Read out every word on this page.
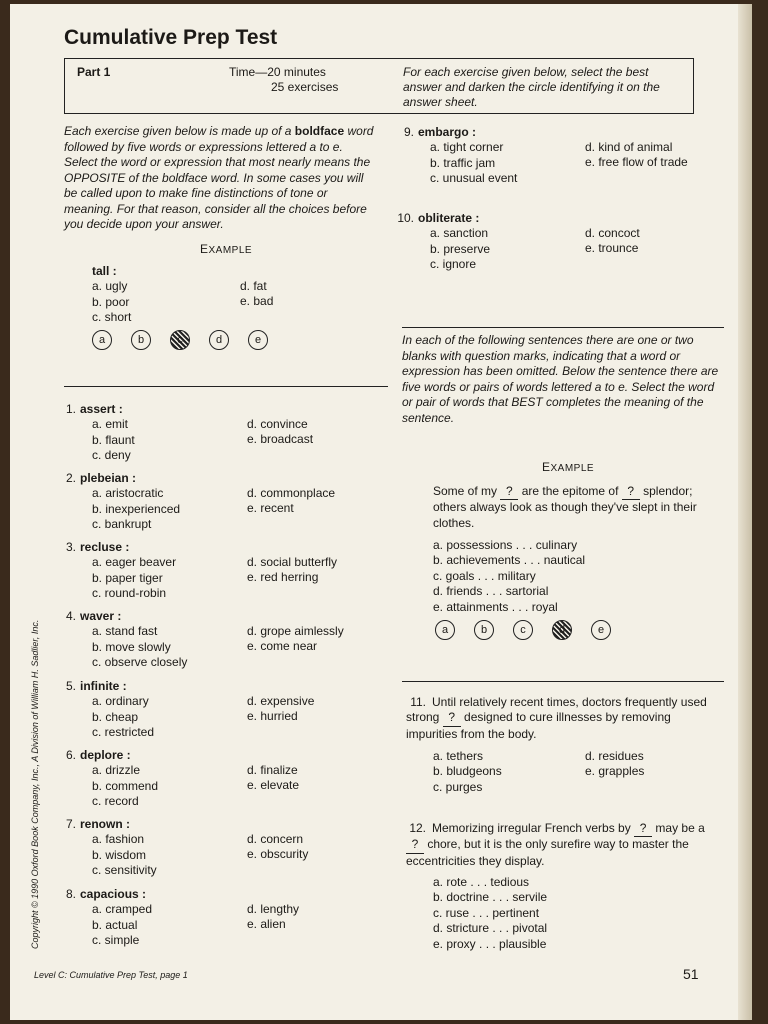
Cumulative Prep Test
Part 1	Time—20 minutes
25 exercises
For each exercise given below, select the best answer and darken the circle identifying it on the answer sheet.
Each exercise given below is made up of a boldface word followed by five words or expressions lettered a to e. Select the word or expression that most nearly means the OPPOSITE of the boldface word. In some cases you will be called upon to make fine distinctions of tone or meaning. For that reason, consider all the choices before you decide upon your answer.
EXAMPLE
tall :
a. ugly
b. poor
c. short
d. fat
e. bad
a	b	c	d	e
1. assert :
a. emit
b. flaunt
c. deny
d. convince
e. broadcast
2. plebeian :
a. aristocratic
b. inexperienced
c. bankrupt
d. commonplace
e. recent
3. recluse :
a. eager beaver
b. paper tiger
c. round-robin
d. social butterfly
e. red herring
4. waver :
a. stand fast
b. move slowly
c. observe closely
d. grope aimlessly
e. come near
5. infinite :
a. ordinary
b. cheap
c. restricted
d. expensive
e. hurried
6. deplore :
a. drizzle
b. commend
c. record
d. finalize
e. elevate
7. renown :
a. fashion
b. wisdom
c. sensitivity
d. concern
e. obscurity
8. capacious :
a. cramped
b. actual
c. simple
d. lengthy
e. alien
9. embargo :
a. tight corner
b. traffic jam
c. unusual event
d. kind of animal
e. free flow of trade
10. obliterate :
a. sanction
b. preserve
c. ignore
d. concoct
e. trounce
In each of the following sentences there are one or two blanks with question marks, indicating that a word or expression has been omitted. Below the sentence there are five words or pairs of words lettered a to e. Select the word or pair of words that BEST completes the meaning of the sentence.
EXAMPLE
Some of my ? are the epitome of ? splendor; others always look as though they've slept in their clothes.
a. possessions . . . culinary
b. achievements . . . nautical
c. goals . . . military
d. friends . . . sartorial
e. attainments . . . royal
a	b	c	d	e
11. Until relatively recent times, doctors frequently used strong ? designed to cure illnesses by removing impurities from the body.
a. tethers
b. bludgeons
c. purges
d. residues
e. grapples
12. Memorizing irregular French verbs by ? may be a ? chore, but it is the only surefire way to master the eccentricities they display.
a. rote . . . tedious
b. doctrine . . . servile
c. ruse . . . pertinent
d. stricture . . . pivotal
e. proxy . . . plausible
Copyright © 1990 Oxford Book Company, Inc., A Division of William H. Sadlier, Inc.
Level C: Cumulative Prep Test, page 1	51
